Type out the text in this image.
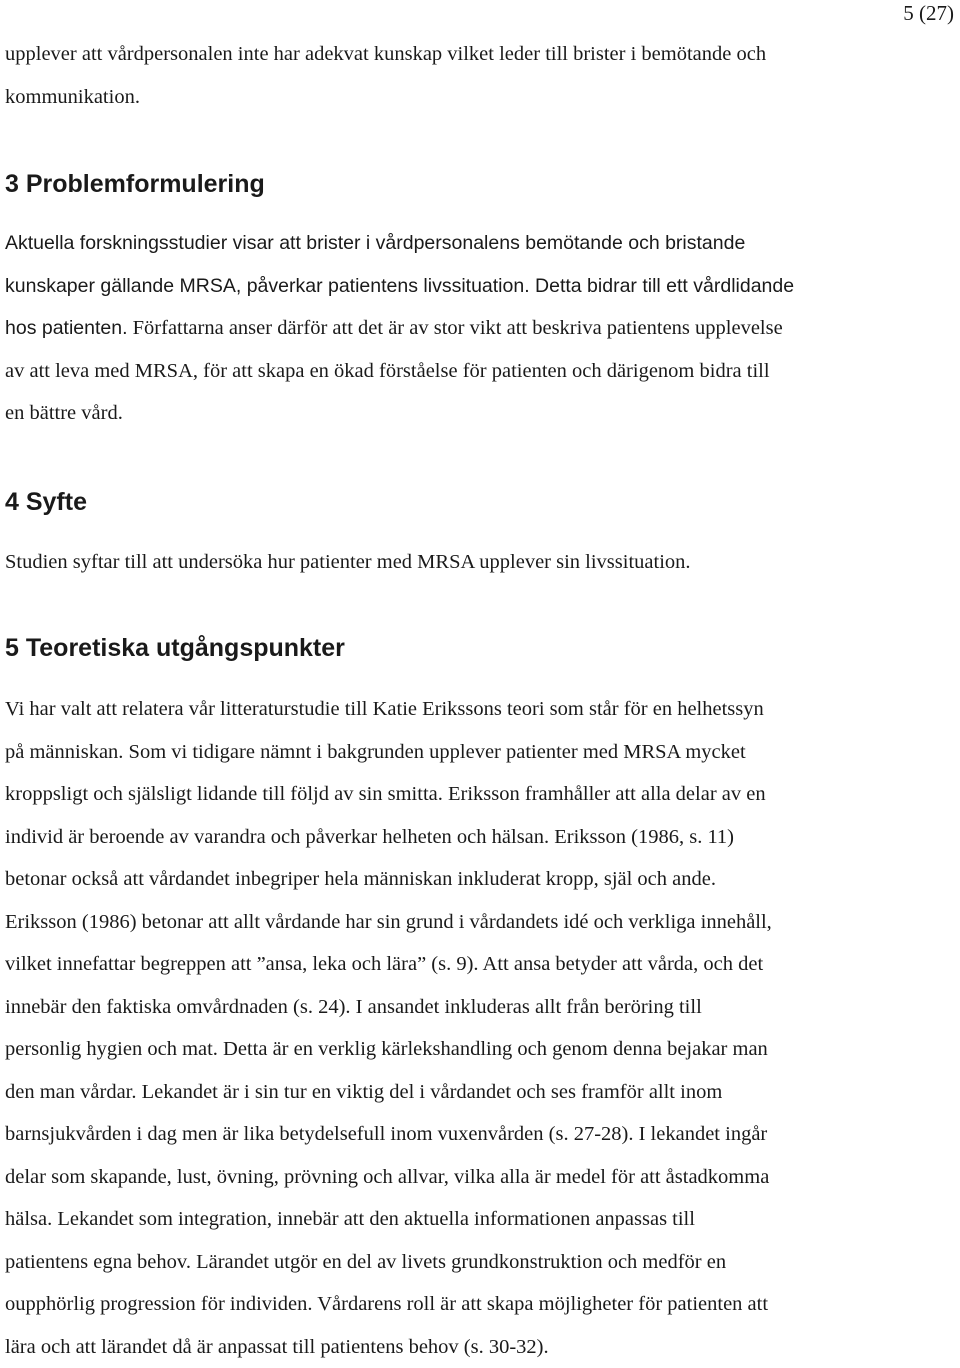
5 (27)
upplever att vårdpersonalen inte har adekvat kunskap vilket leder till brister i bemötande och
kommunikation.
3 Problemformulering
Aktuella forskningsstudier visar att brister i vårdpersonalens bemötande och bristande
kunskaper gällande MRSA, påverkar patientens livssituation. Detta bidrar till ett vårdlidande
hos patienten. Författarna anser därför att det är av stor vikt att beskriva patientens upplevelse
av att leva med MRSA, för att skapa en ökad förståelse för patienten och därigenom bidra till
en bättre vård.
4 Syfte
Studien syftar till att undersöka hur patienter med MRSA upplever sin livssituation.
5 Teoretiska utgångspunkter
Vi har valt att relatera vår litteraturstudie till Katie Erikssons teori som står för en helhetssyn
på människan. Som vi tidigare nämnt i bakgrunden upplever patienter med MRSA mycket
kroppsligt och själsligt lidande till följd av sin smitta. Eriksson framhåller att alla delar av en
individ är beroende av varandra och påverkar helheten och hälsan. Eriksson (1986, s. 11)
betonar också att vårdandet inbegriper hela människan inkluderat kropp, själ och ande.
Eriksson (1986) betonar att allt vårdande har sin grund i vårdandets idé och verkliga innehåll,
vilket innefattar begreppen att ”ansa, leka och lära” (s. 9). Att ansa betyder att vårda, och det
innebär den faktiska omvårdnaden (s. 24). I ansandet inkluderas allt från beröring till
personlig hygien och mat. Detta är en verklig kärlekshandling och genom denna bejakar man
den man vårdar. Lekandet är i sin tur en viktig del i vårdandet och ses framför allt inom
barnsjukvården i dag men är lika betydelsefull inom vuxenvården (s. 27-28). I lekandet ingår
delar som skapande, lust, övning, prövning och allvar, vilka alla är medel för att åstadkomma
hälsa. Lekandet som integration, innebär att den aktuella informationen anpassas till
patientens egna behov. Lärandet utgör en del av livets grundkonstruktion och medför en
oupphörlig progression för individen. Vårdarens roll är att skapa möjligheter för patienten att
lära och att lärandet då är anpassat till patientens behov (s. 30-32).
